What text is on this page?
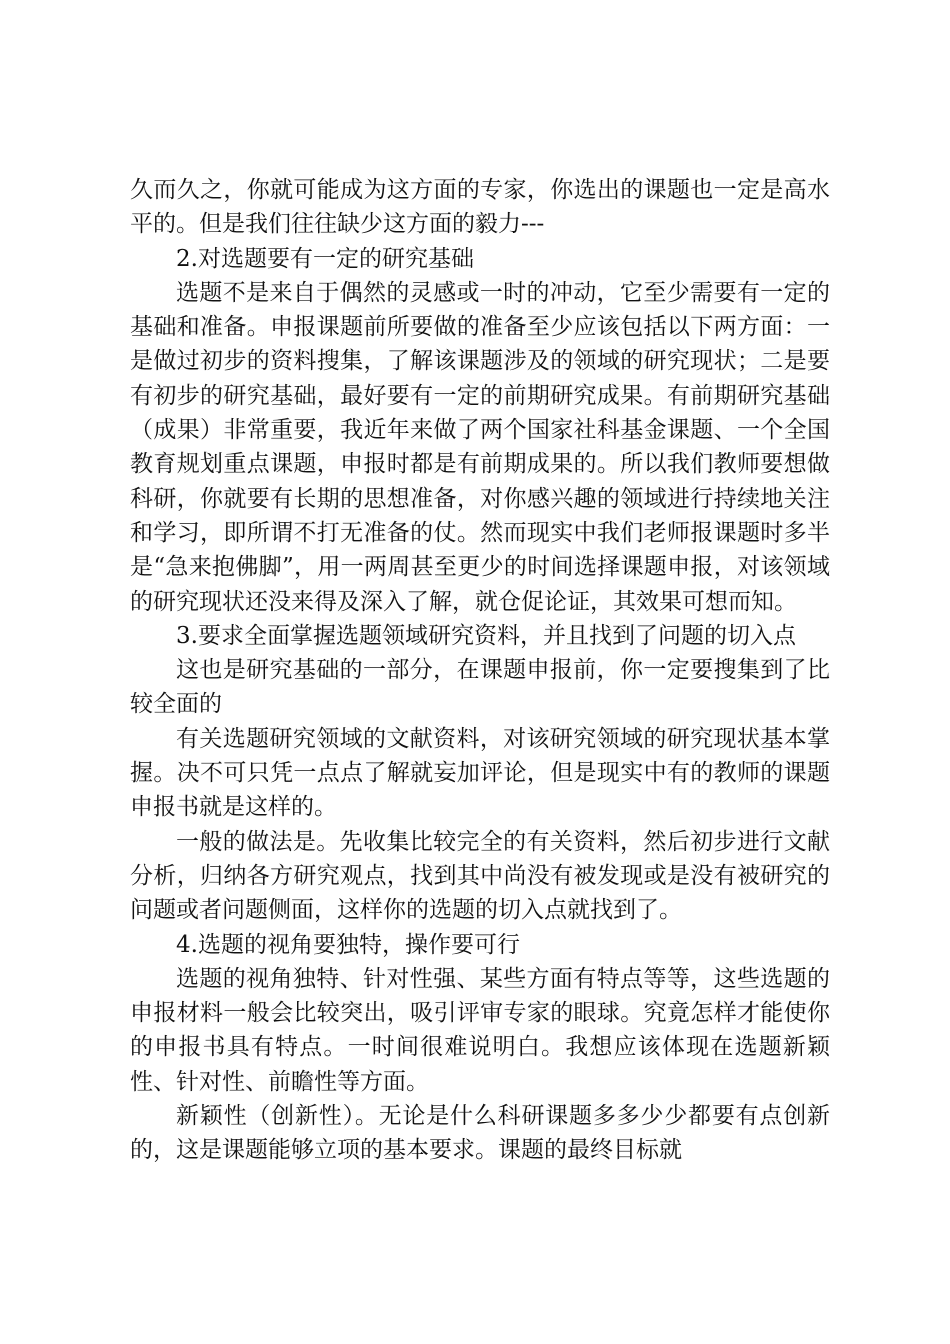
久而久之，你就可能成为这方面的专家，你选出的课题也一定是高水平的。但是我们往往缺少这方面的毅力---

2.对选题要有一定的研究基础

选题不是来自于偶然的灵感或一时的冲动，它至少需要有一定的基础和准备。申报课题前所要做的准备至少应该包括以下两方面：一是做过初步的资料搜集，了解该课题涉及的领域的研究现状；二是要有初步的研究基础，最好要有一定的前期研究成果。有前期研究基础（成果）非常重要，我近年来做了两个国家社科基金课题、一个全国教育规划重点课题，申报时都是有前期成果的。所以我们教师要想做科研，你就要有长期的思想准备，对你感兴趣的领域进行持续地关注和学习，即所谓不打无准备的仗。然而现实中我们老师报课题时多半是“急来抱佛脚”，用一两周甚至更少的时间选择课题申报，对该领域的研究现状还没来得及深入了解，就仓促论证，其效果可想而知。

3.要求全面掌握选题领域研究资料，并且找到了问题的切入点

这也是研究基础的一部分，在课题申报前，你一定要搜集到了比较全面的

有关选题研究领域的文献资料，对该研究领域的研究现状基本掌握。决不可只凭一点点了解就妄加评论，但是现实中有的教师的课题申报书就是这样的。

一般的做法是。先收集比较完全的有关资料，然后初步进行文献分析，归纳各方研究观点，找到其中尚没有被发现或是没有被研究的问题或者问题侧面，这样你的选题的切入点就找到了。

4.选题的视角要独特，操作要可行

选题的视角独特、针对性强、某些方面有特点等等，这些选题的申报材料一般会比较突出，吸引评审专家的眼球。究竟怎样才能使你的申报书具有特点。一时间很难说明白。我想应该体现在选题新颖性、针对性、前瞻性等方面。

新颖性（创新性）。无论是什么科研课题多多少少都要有点创新的，这是课题能够立项的基本要求。课题的最终目标就
